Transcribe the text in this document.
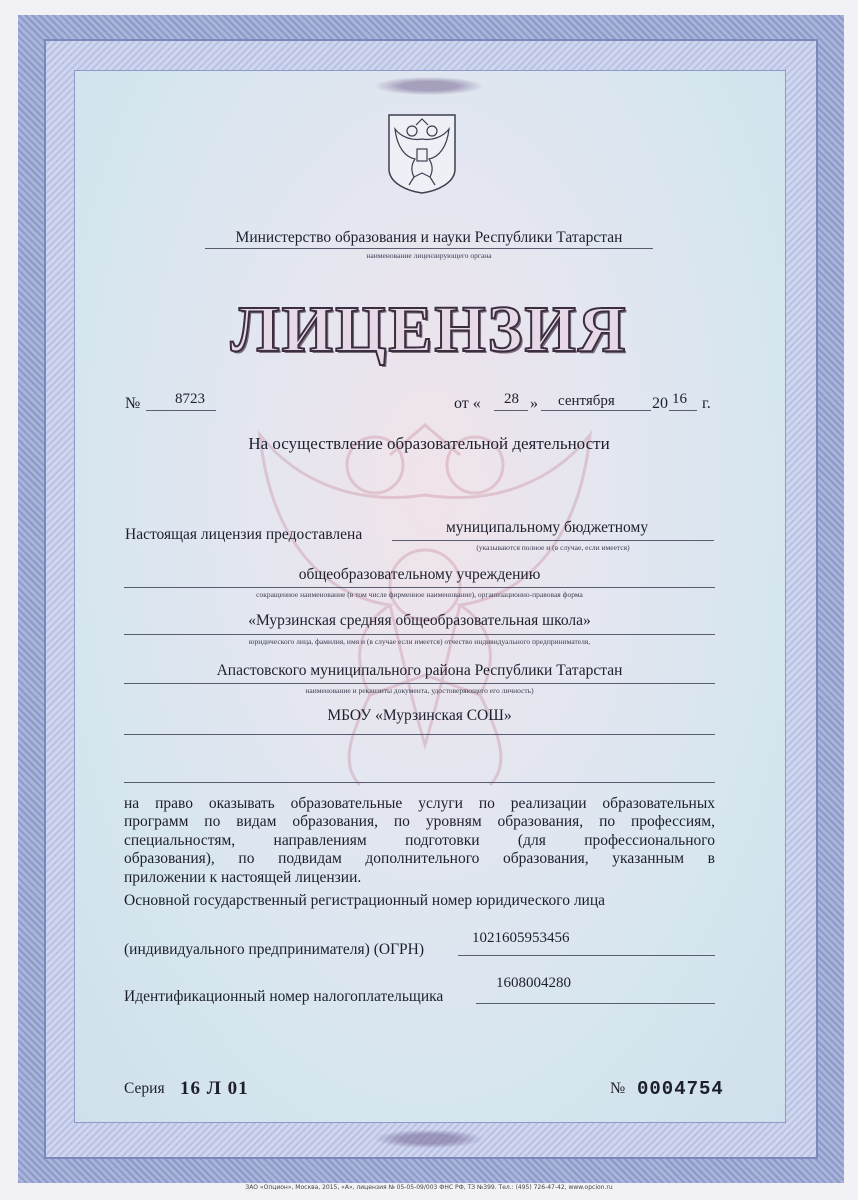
Министерство образования и науки Республики Татарстан
наименование лицензирующего органа
ЛИЦЕНЗИЯ
№ 8723	от « 28 » сентября 20 16 г.
На осуществление образовательной деятельности
Настоящая лицензия предоставлена	муниципальному бюджетному
(указываются полное и (в случае, если имеется)
общеобразовательному учреждению
сокращенное наименование (в том числе фирменное наименование), организационно-правовая форма
«Мурзинская средняя общеобразовательная школа»
юридического лица, фамилия, имя и (в случае если имеется) отчество индивидуального предпринимателя,
Апастовского муниципального района Республики Татарстан
наименование и реквизиты документа, удостоверяющего его личность)
МБОУ «Мурзинская СОШ»
на право оказывать образовательные услуги по реализации образовательных
программ по видам образования, по уровням образования, по профессиям,
специальностям, направлениям подготовки (для профессионального
образования), по подвидам дополнительного образования, указанным в
приложении к настоящей лицензии.
Основной государственный регистрационный номер юридического лица
(индивидуального предпринимателя) (ОГРН)
1021605953456
Идентификационный номер налогоплательщика
1608004280
Серия 16 Л 01	№ 0004754
ЗАО «Опцион», Москва, 2015, «А», лицензия № 05-05-09/003 ФНС РФ, ТЗ №399. Тел.: (495) 726-47-42, www.opcion.ru
